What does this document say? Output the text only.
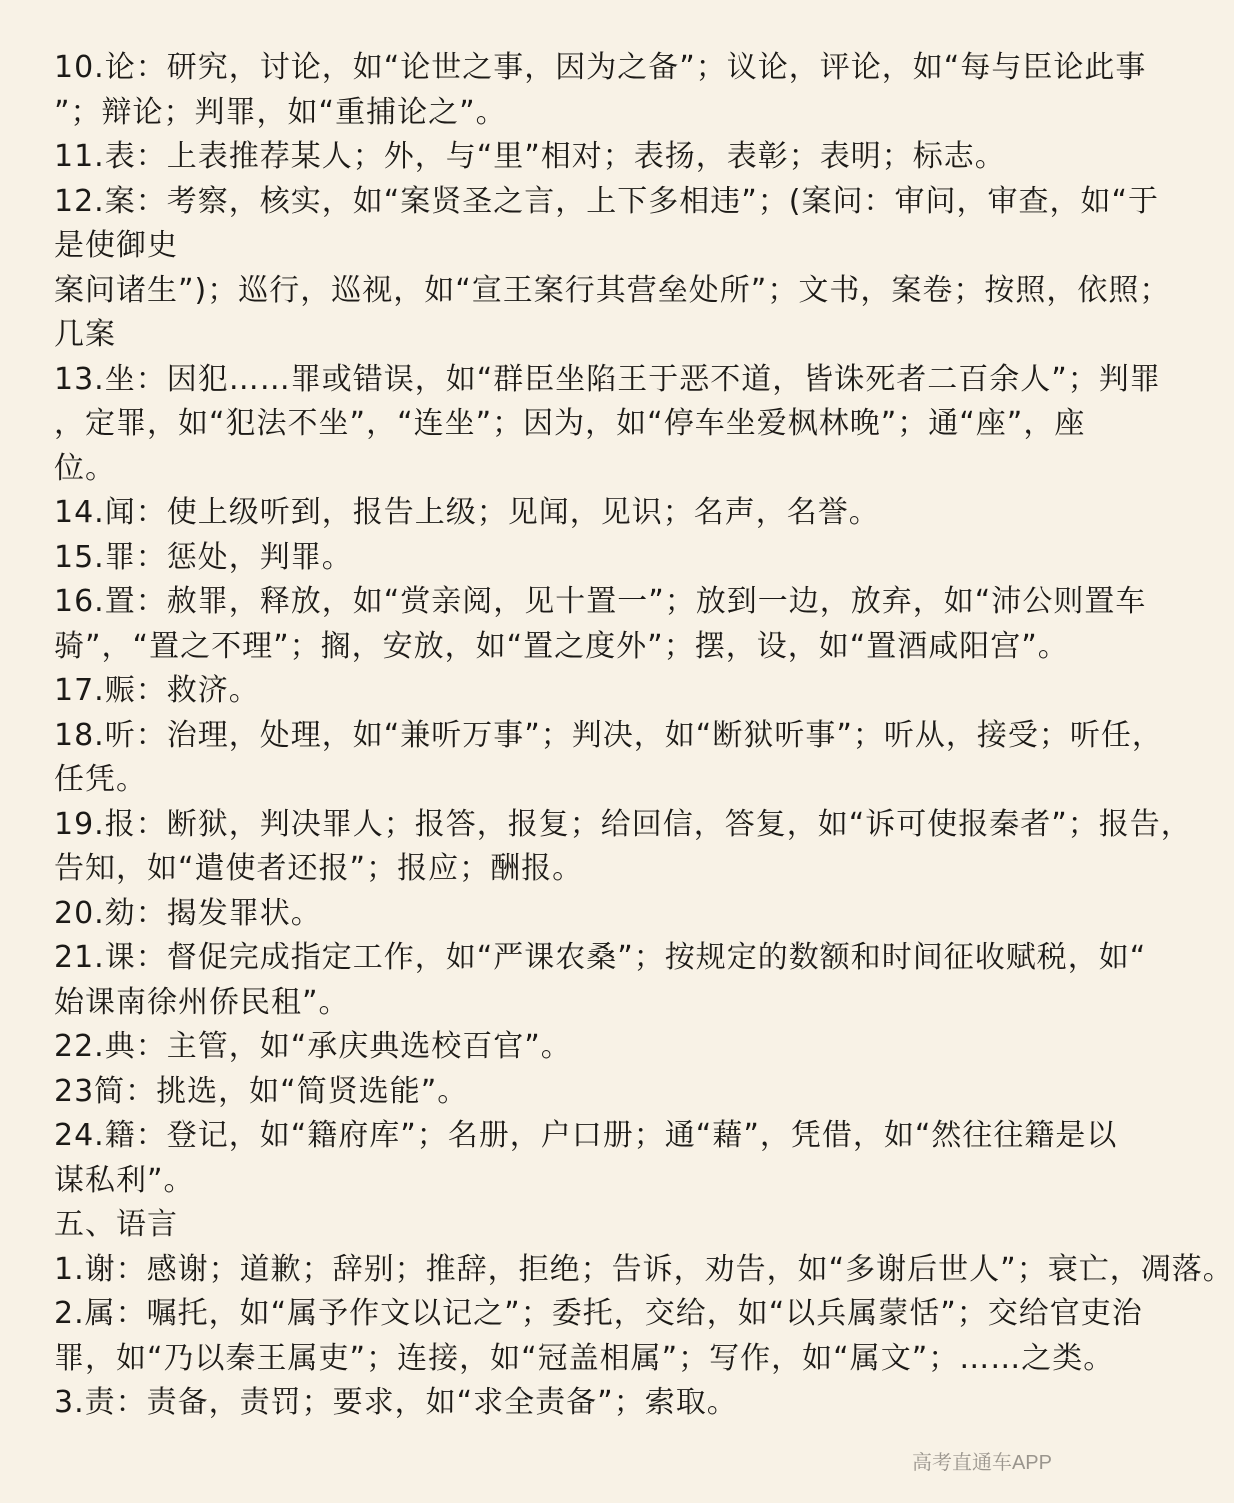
10.论：研究，讨论，如“论世之事，因为之备”；议论，评论，如“每与臣论此事
”；辩论；判罪，如“重捕论之”。
11.表：上表推荐某人；外，与“里”相对；表扬，表彰；表明；标志。
12.案：考察，核实，如“案贤圣之言，上下多相违”；(案问：审问，审查，如“于
是使御史
案问诸生”)；巡行，巡视，如“宣王案行其营垒处所”；文书，案卷；按照，依照；
几案
13.坐：因犯……罪或错误，如“群臣坐陷王于恶不道，皆诛死者二百余人”；判罪
，定罪，如“犯法不坐”，“连坐”；因为，如“停车坐爱枫林晚”；通“座”，座
位。
14.闻：使上级听到，报告上级；见闻，见识；名声，名誉。
15.罪：惩处，判罪。
16.置：赦罪，释放，如“赏亲阅，见十置一”；放到一边，放弃，如“沛公则置车
骑”，“置之不理”；搁，安放，如“置之度外”；摆，设，如“置酒咸阳宫”。
17.赈：救济。
18.听：治理，处理，如“兼听万事”；判决，如“断狱听事”；听从，接受；听任，
任凭。
19.报：断狱，判决罪人；报答，报复；给回信，答复，如“诉可使报秦者”；报告，
告知，如“遣使者还报”；报应；酬报。
20.劾：揭发罪状。
21.课：督促完成指定工作，如“严课农桑”；按规定的数额和时间征收赋税，如“
始课南徐州侨民租”。
22.典：主管，如“承庆典选校百官”。
23简：挑选，如“简贤选能”。
24.籍：登记，如“籍府库”；名册，户口册；通“藉”，凭借，如“然往往籍是以
谋私利”。
五、语言
1.谢：感谢；道歉；辞别；推辞，拒绝；告诉，劝告，如“多谢后世人”；衰亡，凋落。
2.属：嘱托，如“属予作文以记之”；委托，交给，如“以兵属蒙恬”；交给官吏治
罪，如“乃以秦王属吏”；连接，如“冠盖相属”；写作，如“属文”；……之类。
3.责：责备，责罚；要求，如“求全责备”；索取。
高考直通车APP
